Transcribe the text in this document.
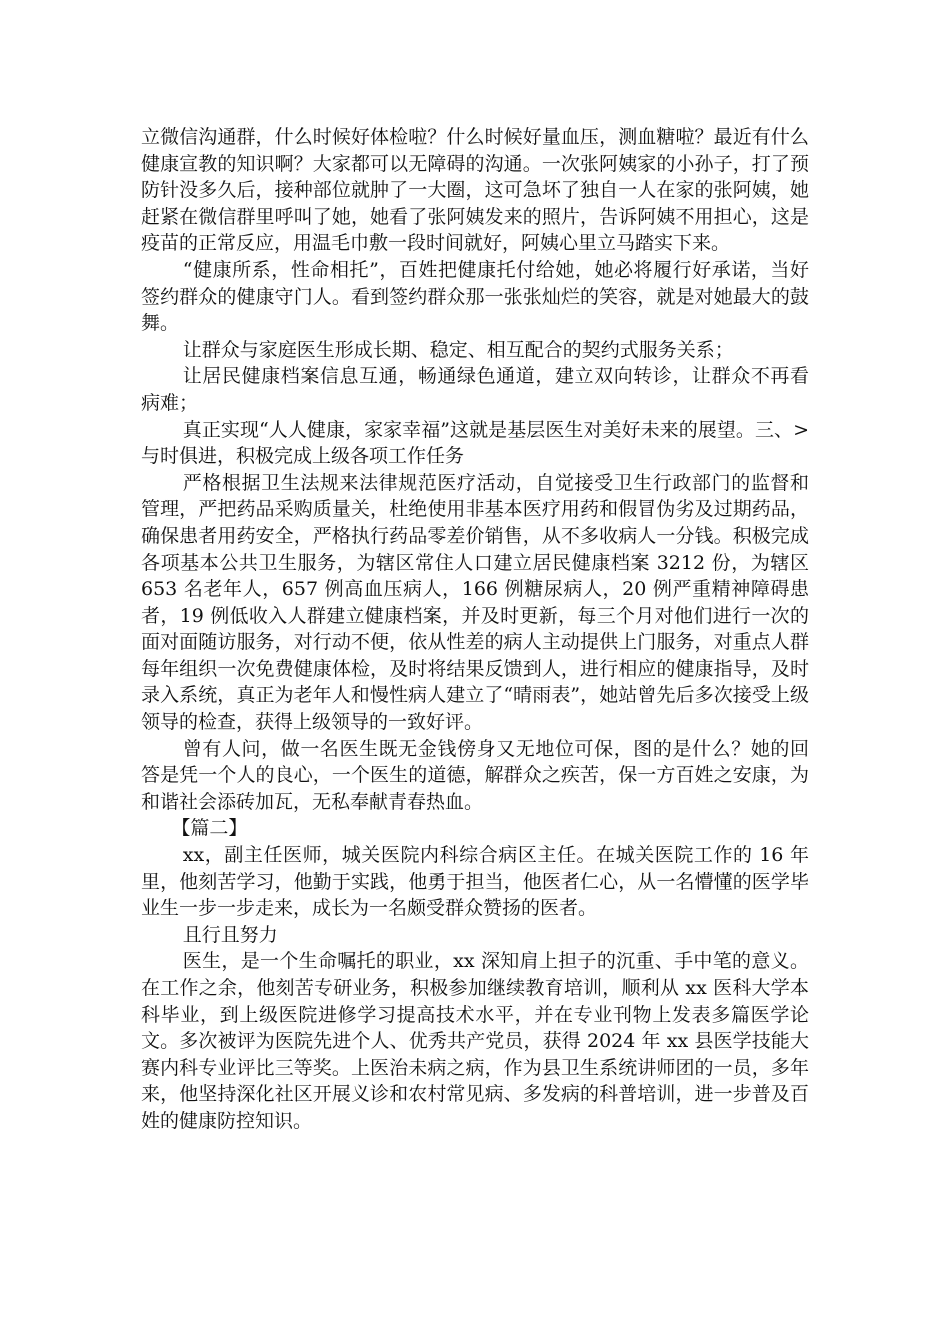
立微信沟通群，什么时候好体检啦？什么时候好量血压，测血糖啦？最近有什么健康宣教的知识啊？大家都可以无障碍的沟通。一次张阿姨家的小孙子，打了预防针没多久后，接种部位就肿了一大圈，这可急坏了独自一人在家的张阿姨，她赶紧在微信群里呼叫了她，她看了张阿姨发来的照片，告诉阿姨不用担心，这是疫苗的正常反应，用温毛巾敷一段时间就好，阿姨心里立马踏实下来。

“健康所系，性命相托”，百姓把健康托付给她，她必将履行好承诺，当好签约群众的健康守门人。看到签约群众那一张张灿烂的笑容，就是对她最大的鼓舞。

让群众与家庭医生形成长期、稳定、相互配合的契约式服务关系；

让居民健康档案信息互通，畅通绿色通道，建立双向转诊，让群众不再看病难；

真正实现“人人健康，家家幸福”这就是基层医生对美好未来的展望。三、>与时俱进，积极完成上级各项工作任务

严格根据卫生法规来法律规范医疗活动，自觉接受卫生行政部门的监督和管理，严把药品采购质量关，杜绝使用非基本医疗用药和假冒伪劣及过期药品，确保患者用药安全，严格执行药品零差价销售，从不多收病人一分钱。积极完成各项基本公共卫生服务，为辖区常住人口建立居民健康档案 3212 份，为辖区 653 名老年人，657 例高血压病人，166 例糖尿病人，20 例严重精神障碍患者，19 例低收入人群建立健康档案，并及时更新，每三个月对他们进行一次的面对面随访服务，对行动不便，依从性差的病人主动提供上门服务，对重点人群每年组织一次免费健康体检，及时将结果反馈到人，进行相应的健康指导，及时录入系统，真正为老年人和慢性病人建立了“晴雨表”，她站曾先后多次接受上级领导的检查，获得上级领导的一致好评。

曾有人问，做一名医生既无金钱傍身又无地位可保，图的是什么？她的回答是凭一个人的良心，一个医生的道德，解群众之疾苦，保一方百姓之安康，为和谐社会添砖加瓦，无私奉献青春热血。

【篇二】

xx，副主任医师，城关医院内科综合病区主任。在城关医院工作的 16 年里，他刻苦学习，他勤于实践，他勇于担当，他医者仁心，从一名懵懂的医学毕业生一步一步走来，成长为一名颇受群众赞扬的医者。

且行且努力

医生，是一个生命嘱托的职业，xx 深知肩上担子的沉重、手中笔的意义。在工作之余，他刻苦专研业务，积极参加继续教育培训，顺利从 xx 医科大学本科毕业，到上级医院进修学习提高技术水平，并在专业刊物上发表多篇医学论文。多次被评为医院先进个人、优秀共产党员，获得 2024 年 xx 县医学技能大赛内科专业评比三等奖。上医治未病之病，作为县卫生系统讲师团的一员，多年来，他坚持深化社区开展义诊和农村常见病、多发病的科普培训，进一步普及百姓的健康防控知识。
